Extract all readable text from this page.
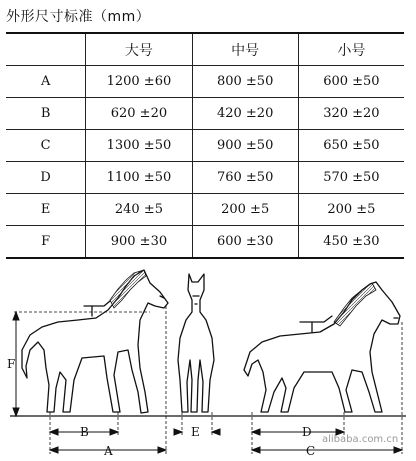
外形尺寸标准（mm）
	大号	中号	小号
A	1200 ±60	800 ±50	600 ±50
B	620 ±20	420 ±20	320 ±20
C	1300 ±50	900 ±50	650 ±50
D	1100 ±50	760 ±50	570 ±50
E	240 ±5	200 ±5	200 ±5
F	900 ±30	600 ±30	450 ±30
F
B
A
E	D
C
alibaba.com.cn
